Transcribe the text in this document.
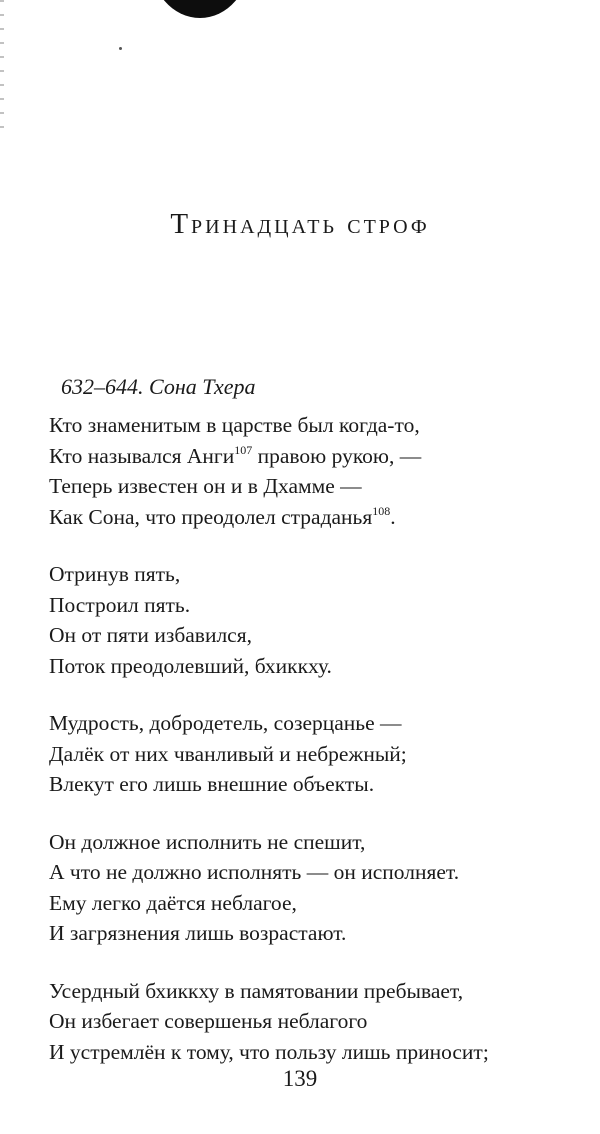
Тринадцать строф
632–644. Сона Тхера
Кто знаменитым в царстве был когда-то,
Кто назывался Анги$^{107}$ правою рукою, —
Теперь известен он и в Дхамме —
Как Сона, что преодолел страданья$^{108}$.
Отринув пять,
Построил пять.
Он от пяти избавился,
Поток преодолевший, бхиккху.
Мудрость, добродетель, созерцанье —
Далёк от них чванливый и небрежный;
Влекут его лишь внешние объекты.
Он должное исполнить не спешит,
А что не должно исполнять — он исполняет.
Ему легко даётся неблагое,
И загрязнения лишь возрастают.
Усердный бхиккху в памятовании пребывает,
Он избегает совершенья неблагого
И устремлён к тому, что пользу лишь приносит;
139
